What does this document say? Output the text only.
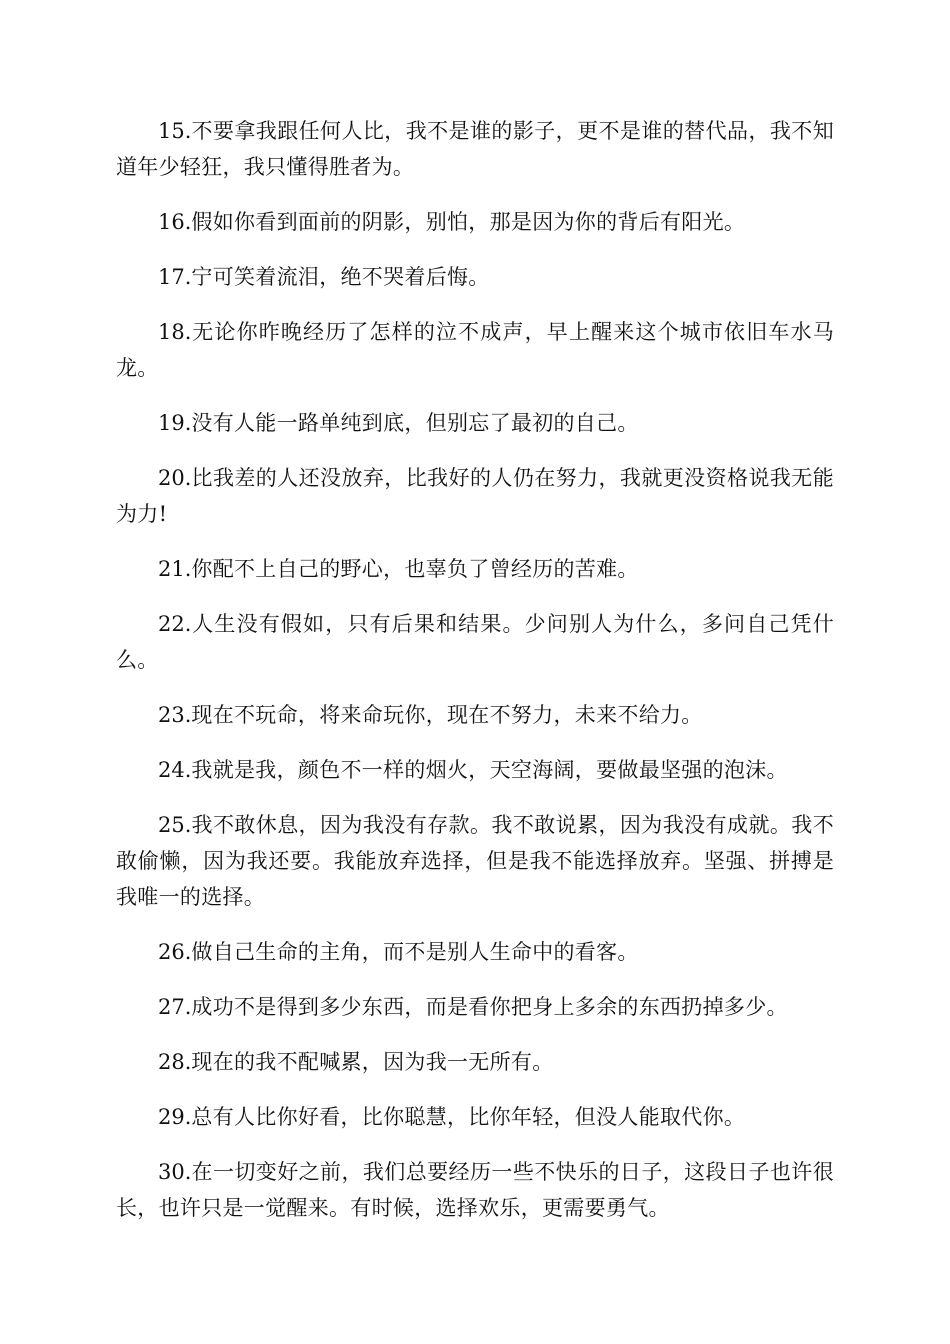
15.不要拿我跟任何人比，我不是谁的影子，更不是谁的替代品，我不知道年少轻狂，我只懂得胜者为。

16.假如你看到面前的阴影，别怕，那是因为你的背后有阳光。

17.宁可笑着流泪，绝不哭着后悔。

18.无论你昨晚经历了怎样的泣不成声，早上醒来这个城市依旧车水马龙。

19.没有人能一路单纯到底，但别忘了最初的自己。

20.比我差的人还没放弃，比我好的人仍在努力，我就更没资格说我无能为力!

21.你配不上自己的野心，也辜负了曾经历的苦难。

22.人生没有假如，只有后果和结果。少问别人为什么，多问自己凭什么。

23.现在不玩命，将来命玩你，现在不努力，未来不给力。

24.我就是我，颜色不一样的烟火，天空海阔，要做最坚强的泡沫。

25.我不敢休息，因为我没有存款。我不敢说累，因为我没有成就。我不敢偷懒，因为我还要。我能放弃选择，但是我不能选择放弃。坚强、拼搏是我唯一的选择。

26.做自己生命的主角，而不是别人生命中的看客。

27.成功不是得到多少东西，而是看你把身上多余的东西扔掉多少。

28.现在的我不配喊累，因为我一无所有。

29.总有人比你好看，比你聪慧，比你年轻，但没人能取代你。

30.在一切变好之前，我们总要经历一些不快乐的日子，这段日子也许很长，也许只是一觉醒来。有时候，选择欢乐，更需要勇气。
